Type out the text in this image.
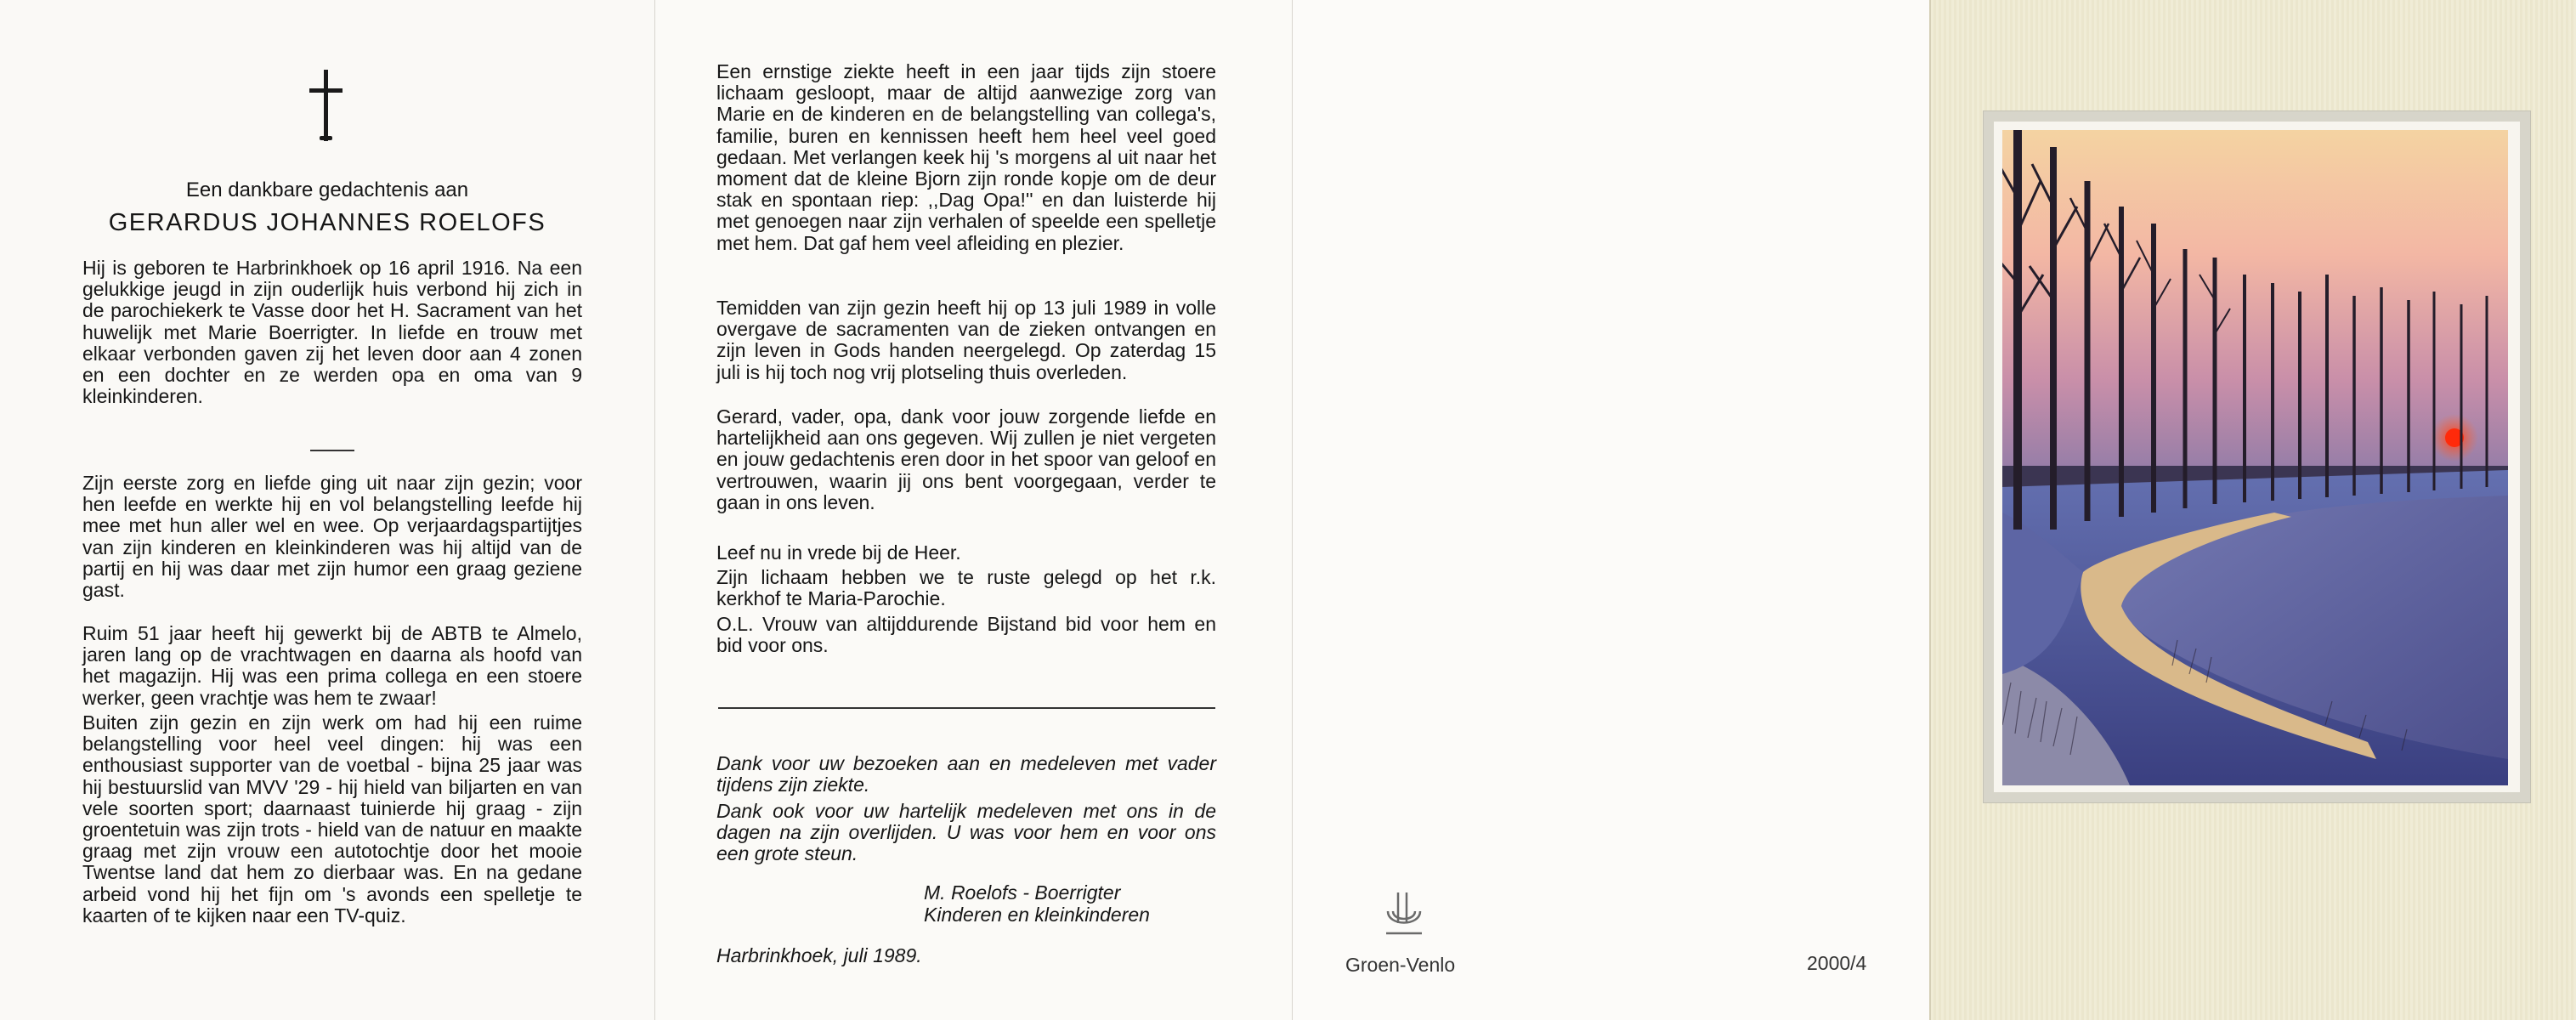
Een dankbare gedachtenis aan
GERARDUS JOHANNES ROELOFS

Hij is geboren te Harbrinkhoek op 16 april 1916. Na een gelukkige jeugd in zijn ouderlijk huis verbond hij zich in de parochiekerk te Vasse door het H. Sacrament van het huwelijk met Marie Boerrigter. In liefde en trouw met elkaar verbonden gaven zij het leven door aan 4 zonen en een dochter en ze werden opa en oma van 9 kleinkinderen.

Zijn eerste zorg en liefde ging uit naar zijn gezin; voor hen leefde en werkte hij en vol belangstelling leefde hij mee met hun aller wel en wee. Op verjaardagspartijtjes van zijn kinderen en kleinkinderen was hij altijd van de partij en hij was daar met zijn humor een graag geziene gast.

Ruim 51 jaar heeft hij gewerkt bij de ABTB te Almelo, jaren lang op de vrachtwagen en daarna als hoofd van het magazijn. Hij was een prima collega en een stoere werker, geen vrachtje was hem te zwaar!

Buiten zijn gezin en zijn werk om had hij een ruime belangstelling voor heel veel dingen: hij was een enthousiast supporter van de voetbal - bijna 25 jaar was hij bestuurslid van MVV '29 - hij hield van biljarten en van vele soorten sport; daarnaast tuinierde hij graag - zijn groentetuin was zijn trots - hield van de natuur en maakte graag met zijn vrouw een autotochtje door het mooie Twentse land dat hem zo dierbaar was. En na gedane arbeid vond hij het fijn om 's avonds een spelletje te kaarten of te kijken naar een TV-quiz.

Een ernstige ziekte heeft in een jaar tijds zijn stoere lichaam gesloopt, maar de altijd aanwezige zorg van Marie en de kinderen en de belangstelling van collega's, familie, buren en kennissen heeft hem heel veel goed gedaan. Met verlangen keek hij 's morgens al uit naar het moment dat de kleine Bjorn zijn ronde kopje om de deur stak en spontaan riep: ,,Dag Opa!'' en dan luisterde hij met genoegen naar zijn verhalen of speelde een spelletje met hem. Dat gaf hem veel afleiding en plezier.

Temidden van zijn gezin heeft hij op 13 juli 1989 in volle overgave de sacramenten van de zieken ontvangen en zijn leven in Gods handen neergelegd. Op zaterdag 15 juli is hij toch nog vrij plotseling thuis overleden.

Gerard, vader, opa, dank voor jouw zorgende liefde en hartelijkheid aan ons gegeven. Wij zullen je niet vergeten en jouw gedachtenis eren door in het spoor van geloof en vertrouwen, waarin jij ons bent voorgegaan, verder te gaan in ons leven.

Leef nu in vrede bij de Heer.

Zijn lichaam hebben we te ruste gelegd op het r.k. kerkhof te Maria-Parochie.

O.L. Vrouw van altijddurende Bijstand bid voor hem en bid voor ons.

Dank voor uw bezoeken aan en medeleven met vader tijdens zijn ziekte.

Dank ook voor uw hartelijk medeleven met ons in de dagen na zijn overlijden. U was voor hem en voor ons een grote steun.

M. Roelofs - Boerrigter
Kinderen en kleinkinderen
Harbrinkhoek, juli 1989.	Groen-Venlo	2000/4
